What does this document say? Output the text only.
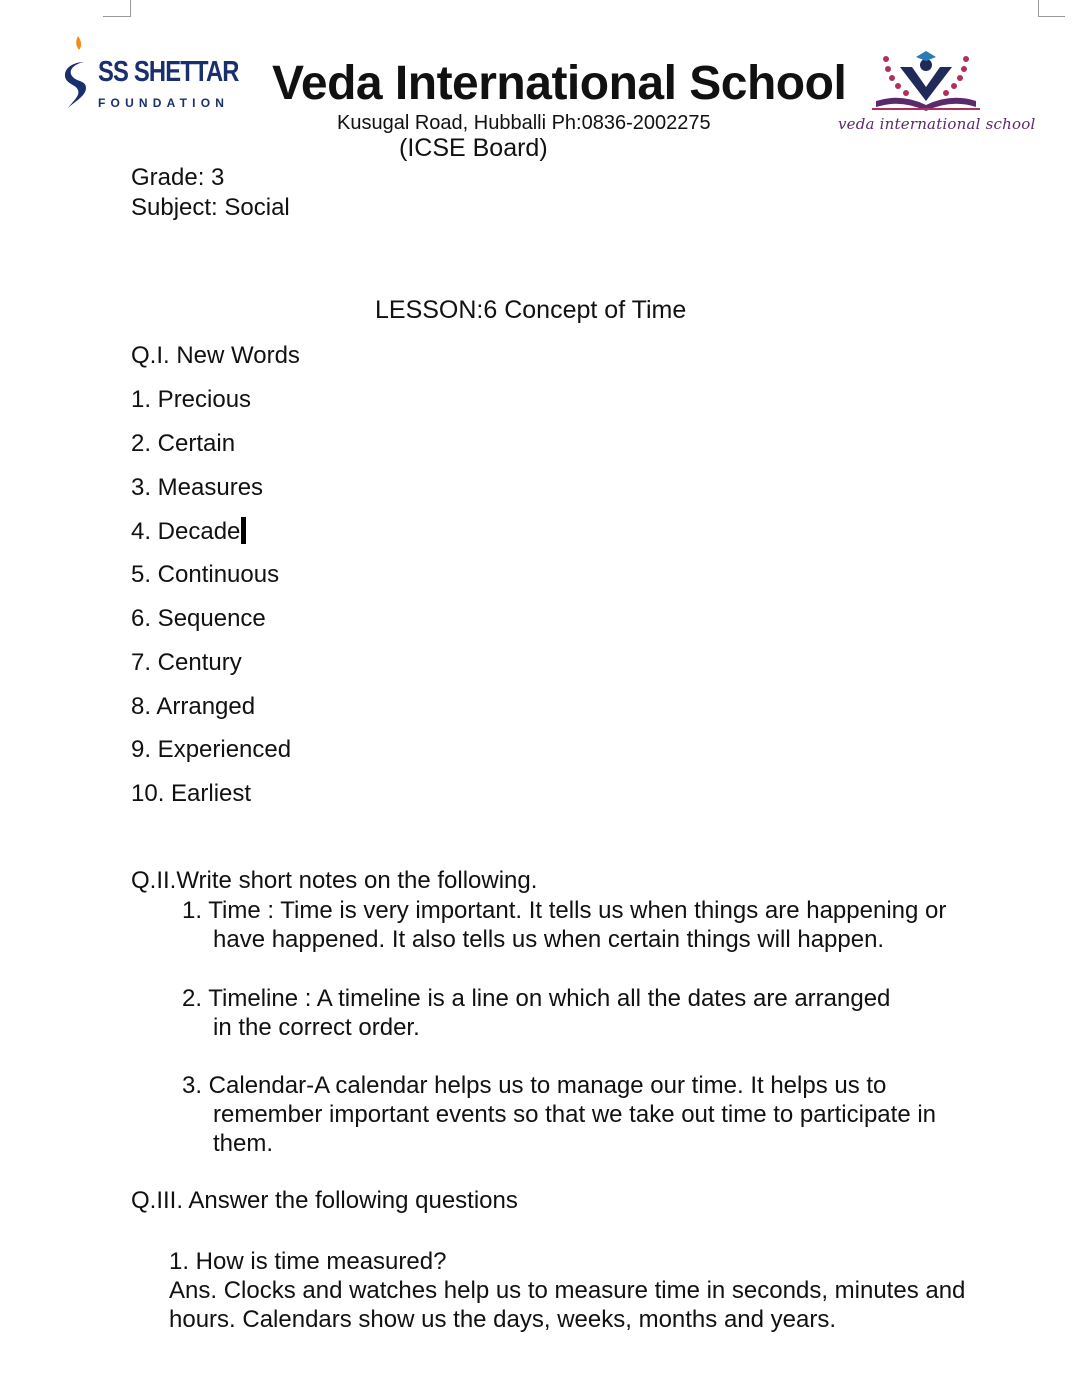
SS SHETTAR
FOUNDATION Veda International School
Kusugal Road, Hubballi Ph:0836-2002275
(ICSE Board)
veda international school
Grade: 3
Subject: Social
LESSON:6 Concept of Time
Q.I. New Words
1. Precious
2. Certain
3. Measures
4. Decade
5. Continuous
6. Sequence
7. Century
8. Arranged
9. Experienced
10. Earliest
Q.II.Write short notes on the following.
1. Time : Time is very important. It tells us when things are happening or
have happened. It also tells us when certain things will happen.
2. Timeline : A timeline is a line on which all the dates are arranged
in the correct order.
3. Calendar-A calendar helps us to manage our time. It helps us to
remember important events so that we take out time to participate in
them.
Q.III. Answer the following questions
1. How is time measured?
Ans. Clocks and watches help us to measure time in seconds, minutes and
hours. Calendars show us the days, weeks, months and years.
